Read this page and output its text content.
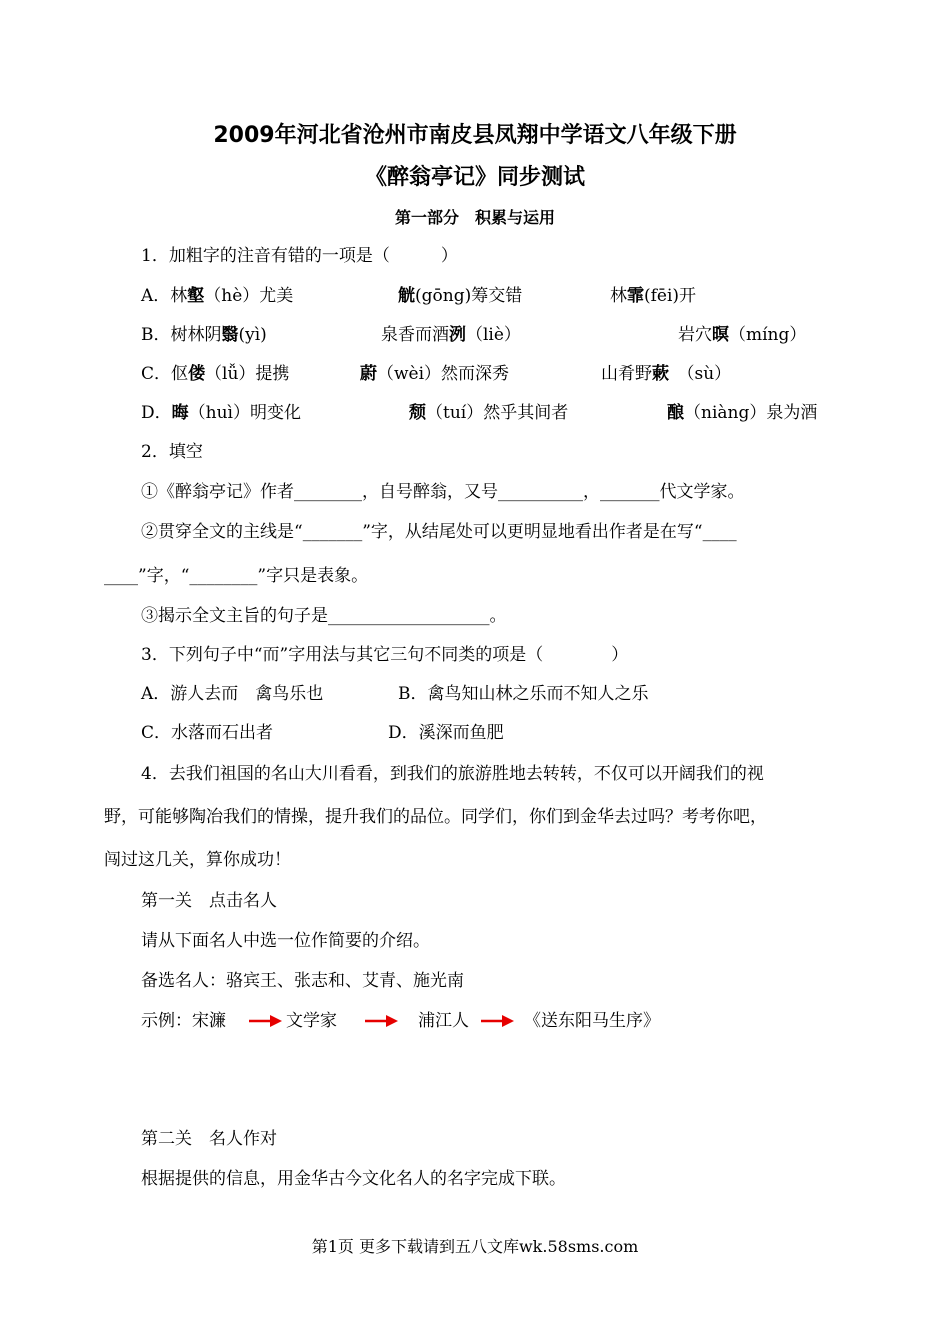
2009年河北省沧州市南皮县凤翔中学语文八年级下册
《醉翁亭记》同步测试
第一部分　积累与运用
1．加粗字的注音有错的一项是（　　　）
A．林壑（hè）尤美	觥(gōng)筹交错	林霏(fēi)开
B．树林阴翳(yì)	泉香而酒洌（liè）	岩穴暝（míng）
C．伛偻（lǚ）提携	蔚（wèi）然而深秀	山肴野蔌　（sù）
D．晦（huì）明变化	颓（tuí）然乎其间者	酿（niàng）泉为酒
2．填空
①《醉翁亭记》作者________，自号醉翁，又号__________，_______代文学家。
②贯穿全文的主线是“_______”字，从结尾处可以更明显地看出作者是在写“____
____”字，“________”字只是表象。
③揭示全文主旨的句子是___________________。
3．下列句子中“而”字用法与其它三句不同类的项是（　　　　）
A．游人去而　禽鸟乐也	B．禽鸟知山林之乐而不知人之乐
C．水落而石出者	D．溪深而鱼肥
4．去我们祖国的名山大川看看，到我们的旅游胜地去转转，不仅可以开阔我们的视
野，可能够陶冶我们的情操，提升我们的品位。同学们，你们到金华去过吗？考考你吧，
闯过这几关，算你成功！
第一关　点击名人
请从下面名人中选一位作简要的介绍。
备选名人：骆宾王、张志和、艾青、施光南
示例：宋濂	文学家	浦江人	《送东阳马生序》
第二关　名人作对
根据提供的信息，用金华古今文化名人的名字完成下联。
第1页 更多下载请到五八文库wk.58sms.com
